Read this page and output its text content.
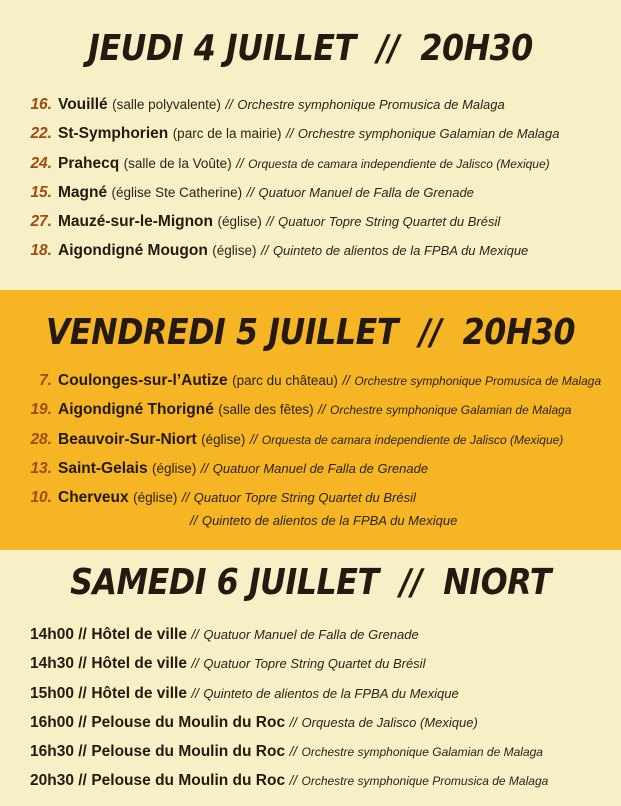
JEUDI 4 JUILLET  //  20H30
16. Vouillé (salle polyvalente) // Orchestre symphonique Promusica de Malaga
22. St-Symphorien (parc de la mairie) // Orchestre symphonique Galamian de Malaga
24. Prahecq (salle de la Voûte) // Orquesta de camara independiente de Jalisco (Mexique)
15. Magné (église Ste Catherine) // Quatuor Manuel de Falla de Grenade
27. Mauzé-sur-le-Mignon (église) // Quatuor Topre String Quartet du Brésil
18. Aigondigné Mougon (église) // Quinteto de alientos de la FPBA du Mexique
VENDREDI 5 JUILLET  //  20H30
7. Coulonges-sur-l’Autize (parc du château) // Orchestre symphonique Promusica de Malaga
19. Aigondigné Thorigné (salle des fêtes) // Orchestre symphonique Galamian de Malaga
28. Beauvoir-Sur-Niort (église) // Orquesta de camara independiente de Jalisco (Mexique)
13. Saint-Gelais (église) // Quatuor Manuel de Falla de Grenade
10. Cherveux (église) // Quatuor Topre String Quartet du Brésil
// Quinteto de alientos de la FPBA du Mexique
SAMEDI 6 JUILLET  //  NIORT
14h00 // Hôtel de ville // Quatuor Manuel de Falla de Grenade
14h30 // Hôtel de ville // Quatuor Topre String Quartet du Brésil
15h00 // Hôtel de ville // Quinteto de alientos de la FPBA du Mexique
16h00 // Pelouse du Moulin du Roc // Orquesta de Jalisco (Mexique)
16h30 // Pelouse du Moulin du Roc // Orchestre symphonique Galamian de Malaga
20h30 // Pelouse du Moulin du Roc // Orchestre symphonique Promusica de Malaga
